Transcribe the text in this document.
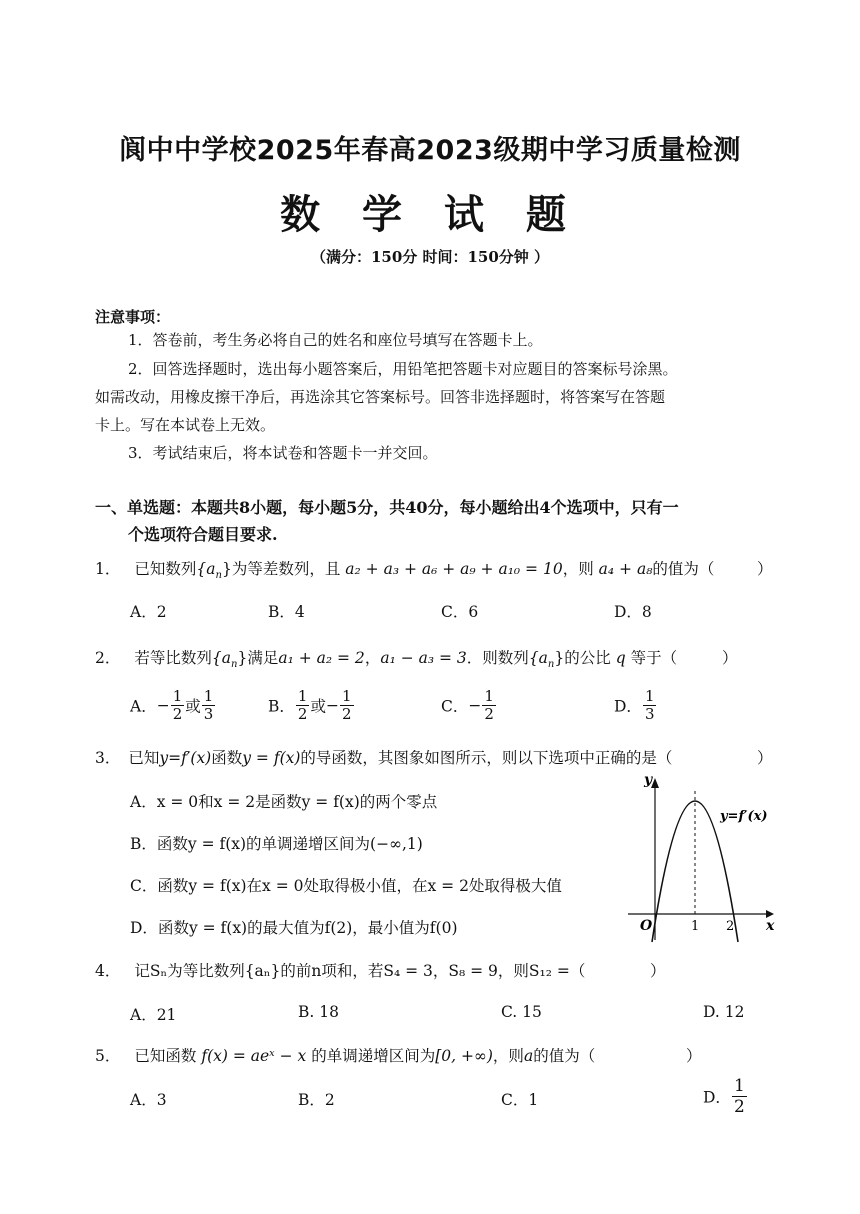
阆中中学校2025年春高2023级期中学习质量检测
数 学 试 题
（满分：150分 时间：150分钟 ）
注意事项：
1．答卷前，考生务必将自己的姓名和座位号填写在答题卡上。
2．回答选择题时，选出每小题答案后，用铅笔把答题卡对应题目的答案标号涂黑。
如需改动，用橡皮擦干净后，再选涂其它答案标号。回答非选择题时，将答案写在答题
卡上。写在本试卷上无效。
3．考试结束后，将本试卷和答题卡一并交回。
一、单选题：本题共8小题，每小题5分，共40分，每小题给出4个选项中，只有一
个选项符合题目要求.
1． 已知数列$\{a_n\}$为等差数列，且 a₂ + a₃ + a₆ + a₉ + a₁₀ = 10，则 a₄ + a₈的值为（	）
A．2	B．4	C．6	D．8
2． 若等比数列$\{a_n\}$满足a₁ + a₂ = 2，a₁ − a₃ = 3．则数列$\{a_n\}$的公比 q 等于（	）
A．− $\frac{1}{2}$ 或 $\frac{1}{3}$	B． $\frac{1}{2}$ 或− $\frac{1}{2}$	C．− $\frac{1}{2}$	D． $\frac{1}{3}$
3． 已知y=f′(x)函数y = f(x)的导函数，其图象如图所示，则以下选项中正确的是（	）
A．x = 0和x = 2是函数y = f(x)的两个零点
B．函数y = f(x)的单调递增区间为(−∞,1)
C．函数y = f(x)在x = 0处取得极小值，在x = 2处取得极大值
D．函数y = f(x)的最大值为f(2)，最小值为f(0)
y
x
O	1 2
y=f′(x)
4． 记Sₙ为等比数列{aₙ}的前n项和，若S₄ = 3，S₈ = 9，则S₁₂ =（	）
A．21	B. 18	C. 15	D. 12
5． 已知函数 f(x) = aeˣ − x 的单调递增区间为[0, +∞)，则a的值为（	）
A．3	B．2	C．1	D． $\frac{1}{2}$
